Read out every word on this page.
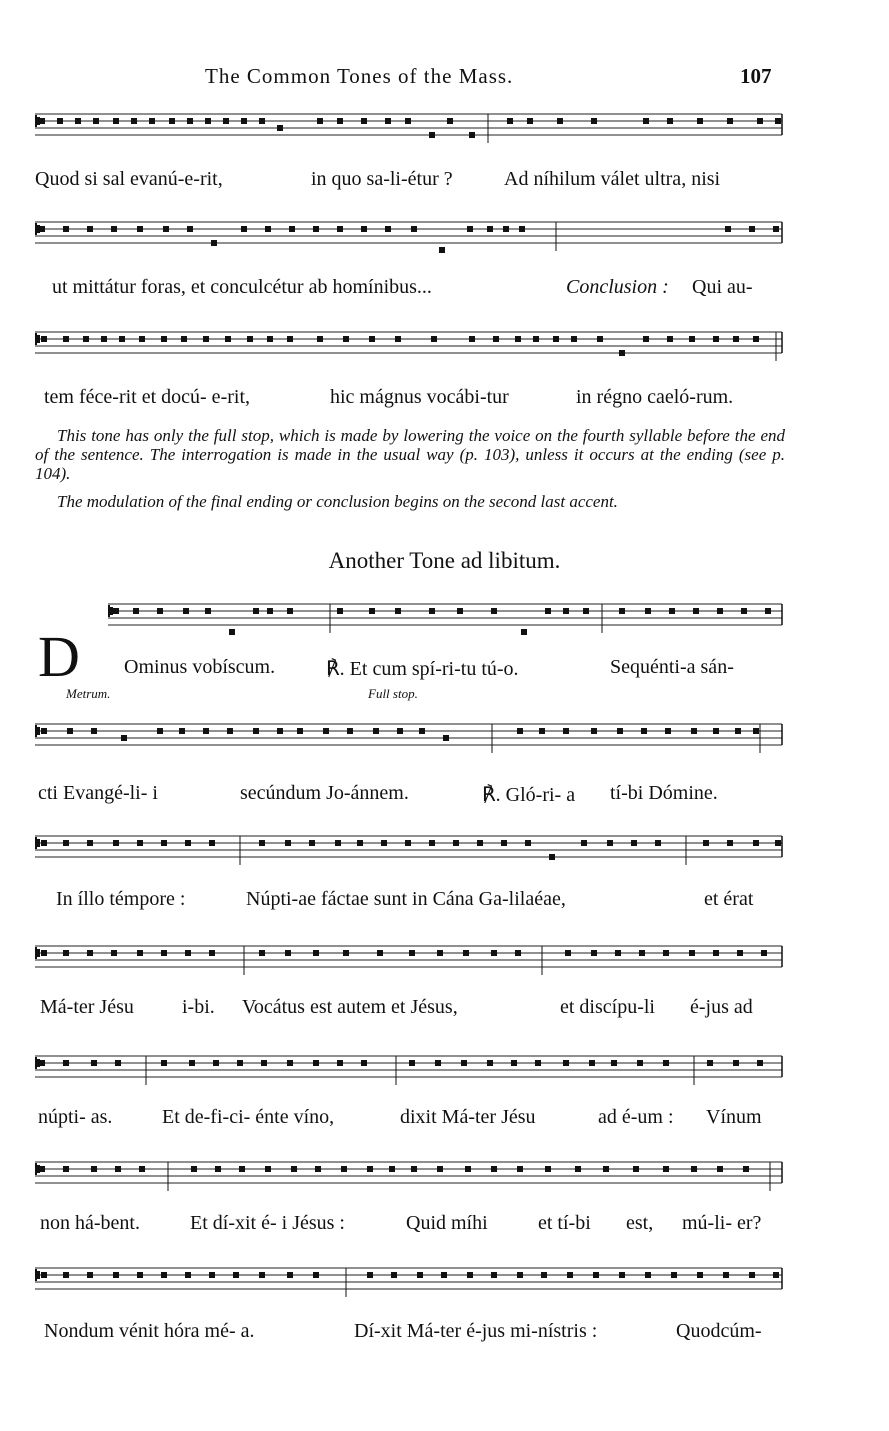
The Common Tones of the Mass.	107
Quod si sal evanú-e-rit,	in quo sa-li-étur ?	Ad níhilum válet ultra, nisi
ut mittátur foras, et conculcétur ab homínibus...	Conclusion : Qui au-
tem féce-rit et docú- e-rit,	hic mágnus vocábi-tur	in régno caeló-rum.
This tone has only the full stop, which is made by lowering the voice on the fourth syllable before the end of the sentence. The interrogation is made in the usual way (p. 103), unless it occurs at the ending (see p. 104).
The modulation of the final ending or conclusion begins on the second last accent.
Another Tone ad libitum.
D Ominus vobíscum.	℟. Et cum spí-ri-tu tú-o.	Sequénti-a sán-
Metrum.	Full stop.
cti Evangé-li- i	secúndum Jo-ánnem.	℟. Gló-ri- a tí-bi Dómine.
In íllo témpore :	Núpti-ae fáctae sunt in Cána Ga-lilaéae,	et érat
Má-ter Jésu i-bi. Vocátus est autem et Jésus,	et discípu-li é-jus ad
núpti- as. Et de-fi-ci- énte víno,	dixit Má-ter Jésu	ad é-um : Vínum
non há-bent.	Et dí-xit é- i Jésus :	Quid míhi	et tí-bi est, mú-li- er?
Nondum vénit hóra mé- a.	Dí-xit Má-ter é-jus mi-nístris :	Quodcúm-
